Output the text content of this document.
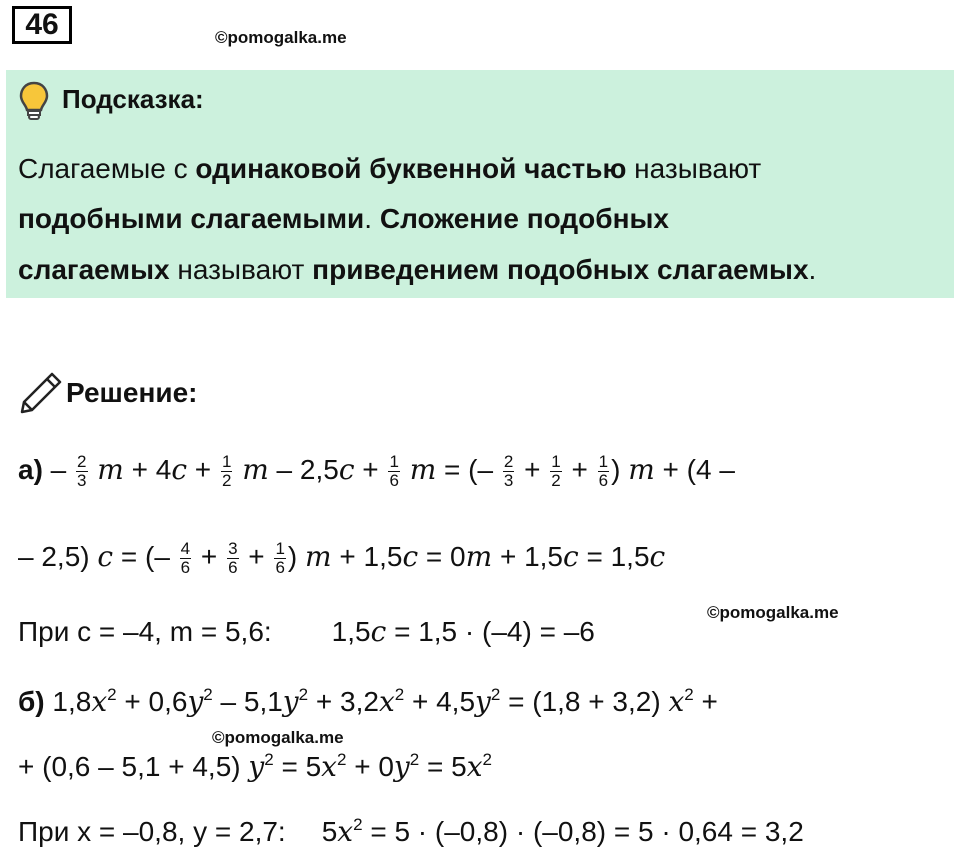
46	©pomogalka.me
Подсказка:
Слагаемые с одинаковой буквенной частью называют
подобными слагаемыми. Сложение подобных
слагаемых называют приведением подобных слагаемых.
Решение:
$а) - \frac{2}{3}$ $m + 4c + \frac{1}{2}$ $m - 2,5c + \frac{1}{6}$ m = (– $\frac{2}{3} + \frac{1}{2} + \frac{1}{6}$ ) m + (4 –
– 2,5) c = (– $\frac{4}{6} + \frac{3}{6} + \frac{1}{6}$ ) m + 1,5c = 0m + 1,5c = 1,5c
При c = –4, m = 5,6: 1,5c = 1,5 · (–4) = –6
©pomogalka.me
б) $1,8x^2 + 0,6y^2 - 5,1y^2 + 3,2x^2 + 4,5y^2 = (1,8 + 3,2) x^2$ +
©pomogalka.me
+ (0,6 – 5,1 + 4,5) $y^2 = 5x^2 + 0y^2 = 5x^2$
При x = –0,8, y = 2,7: $5x^2 = 5 \cdot (-0,8) \cdot (-0,8) = 5 \cdot 0,64 = 3,2$
